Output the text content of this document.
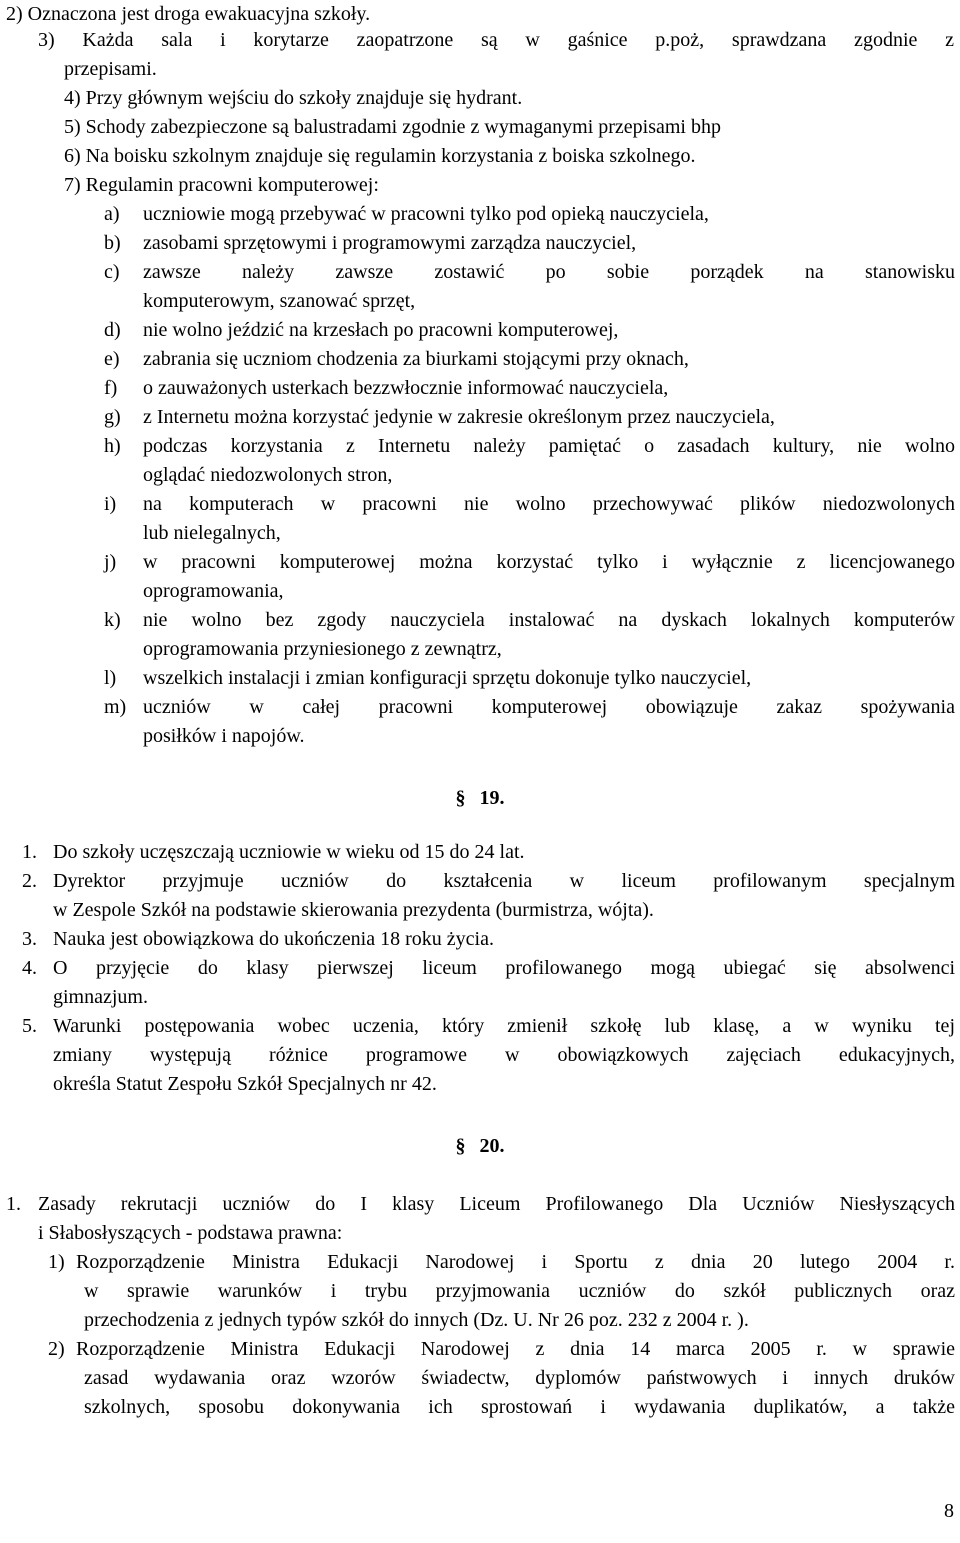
2) Oznaczona jest droga ewakuacyjna szkoły.
3) Każda sala i korytarze zaopatrzone są w gaśnice p.poż, sprawdzana zgodnie z
przepisami.
4) Przy głównym wejściu do szkoły znajduje się hydrant.
5) Schody zabezpieczone są balustradami zgodnie z wymaganymi przepisami bhp
6) Na boisku szkolnym znajduje się regulamin korzystania z boiska szkolnego.
7) Regulamin pracowni komputerowej:
a) uczniowie mogą przebywać w pracowni tylko pod opieką nauczyciela,
b) zasobami sprzętowymi i programowymi zarządza nauczyciel,
c) zawsze należy zawsze zostawić po sobie porządek na stanowisku
komputerowym, szanować sprzęt,
d) nie wolno jeździć na krzesłach po pracowni komputerowej,
e) zabrania się uczniom chodzenia za biurkami stojącymi przy oknach,
f) o zauważonych usterkach bezzwłocznie informować nauczyciela,
g) z Internetu można korzystać jedynie w zakresie określonym przez nauczyciela,
h) podczas korzystania z Internetu należy pamiętać o zasadach kultury, nie wolno
oglądać niedozwolonych stron,
i) na komputerach w pracowni nie wolno przechowywać plików niedozwolonych
lub nielegalnych,
j) w pracowni komputerowej można korzystać tylko i wyłącznie z licencjowanego
oprogramowania,
k) nie wolno bez zgody nauczyciela instalować na dyskach lokalnych komputerów
oprogramowania przyniesionego z zewnątrz,
l) wszelkich instalacji i zmian konfiguracji sprzętu dokonuje tylko nauczyciel,
m) uczniów w całej pracowni komputerowej obowiązuje zakaz spożywania
posiłków i napojów.
§ 19.
1. Do szkoły uczęszczają uczniowie w wieku od 15 do 24 lat.
2. Dyrektor przyjmuje uczniów do kształcenia w liceum profilowanym specjalnym
w Zespole Szkół na podstawie skierowania prezydenta (burmistrza, wójta).
3. Nauka jest obowiązkowa do ukończenia 18 roku życia.
4. O przyjęcie do klasy pierwszej liceum profilowanego mogą ubiegać się absolwenci
gimnazjum.
5. Warunki postępowania wobec uczenia, który zmienił szkołę lub klasę, a w wyniku tej
zmiany występują różnice programowe w obowiązkowych zajęciach edukacyjnych,
określa Statut Zespołu Szkół Specjalnych nr 42.
§ 20.
1. Zasady rekrutacji uczniów do I klasy Liceum Profilowanego Dla Uczniów Niesłyszących
i Słabosłyszących - podstawa prawna:
1) Rozporządzenie Ministra Edukacji Narodowej i Sportu z dnia 20 lutego 2004 r.
w sprawie warunków i trybu przyjmowania uczniów do szkół publicznych oraz
przechodzenia z jednych typów szkół do innych (Dz. U. Nr 26 poz. 232 z 2004 r. ).
2) Rozporządzenie Ministra Edukacji Narodowej z dnia 14 marca 2005 r. w sprawie
zasad wydawania oraz wzorów świadectw, dyplomów państwowych i innych druków
szkolnych, sposobu dokonywania ich sprostowań i wydawania duplikatów, a także
8
